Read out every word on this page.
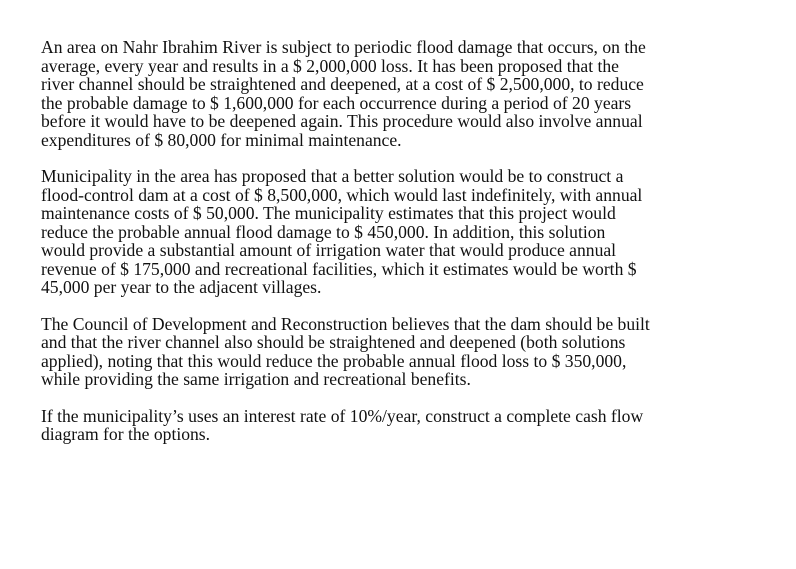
An area on Nahr Ibrahim River is subject to periodic flood damage that occurs, on the
average, every year and results in a $ 2,000,000 loss. It has been proposed that the
river channel should be straightened and deepened, at a cost of $ 2,500,000, to reduce
the probable damage to $ 1,600,000 for each occurrence during a period of 20 years
before it would have to be deepened again. This procedure would also involve annual
expenditures of $ 80,000 for minimal maintenance.
Municipality in the area has proposed that a better solution would be to construct a
flood-control dam at a cost of $ 8,500,000, which would last indefinitely, with annual
maintenance costs of $ 50,000. The municipality estimates that this project would
reduce the probable annual flood damage to $ 450,000. In addition, this solution
would provide a substantial amount of irrigation water that would produce annual
revenue of $ 175,000 and recreational facilities, which it estimates would be worth $
45,000 per year to the adjacent villages.
The Council of Development and Reconstruction believes that the dam should be built
and that the river channel also should be straightened and deepened (both solutions
applied), noting that this would reduce the probable annual flood loss to $ 350,000,
while providing the same irrigation and recreational benefits.
If the municipality’s uses an interest rate of 10%/year, construct a complete cash flow
diagram for the options.
